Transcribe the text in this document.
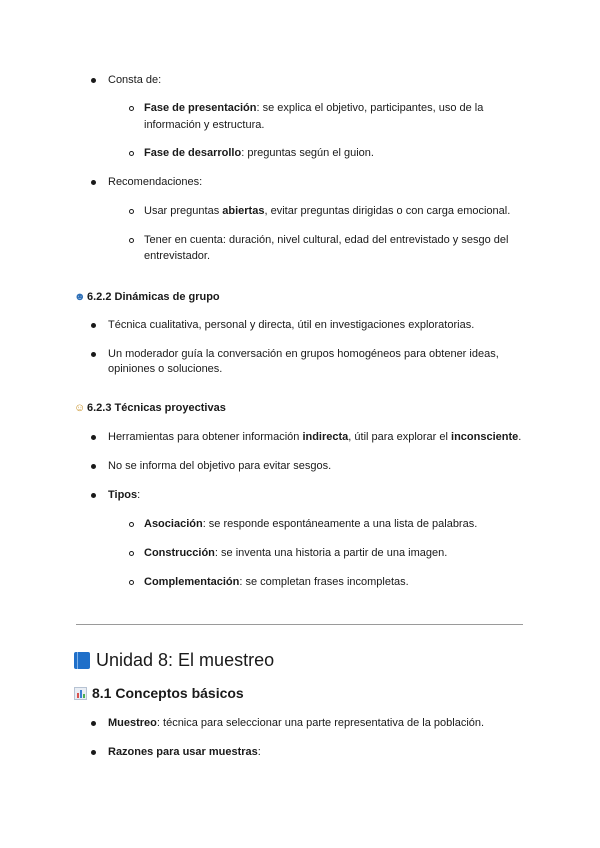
Consta de:
Fase de presentación: se explica el objetivo, participantes, uso de la
información y estructura.
Fase de desarrollo: preguntas según el guion.
Recomendaciones:
Usar preguntas abiertas, evitar preguntas dirigidas o con carga emocional.
Tener en cuenta: duración, nivel cultural, edad del entrevistado y sesgo del
entrevistador.
☻6.2.2 Dinámicas de grupo
Técnica cualitativa, personal y directa, útil en investigaciones exploratorias.
Un moderador guía la conversación en grupos homogéneos para obtener ideas,
opiniones o soluciones.
☺ 6.2.3 Técnicas proyectivas
Herramientas para obtener información indirecta, útil para explorar el inconsciente.
No se informa del objetivo para evitar sesgos.
Tipos:
Asociación: se responde espontáneamente a una lista de palabras.
Construcción: se inventa una historia a partir de una imagen.
Complementación: se completan frases incompletas.
Unidad 8: El muestreo
8.1 Conceptos básicos
Muestreo: técnica para seleccionar una parte representativa de la población.
Razones para usar muestras:
